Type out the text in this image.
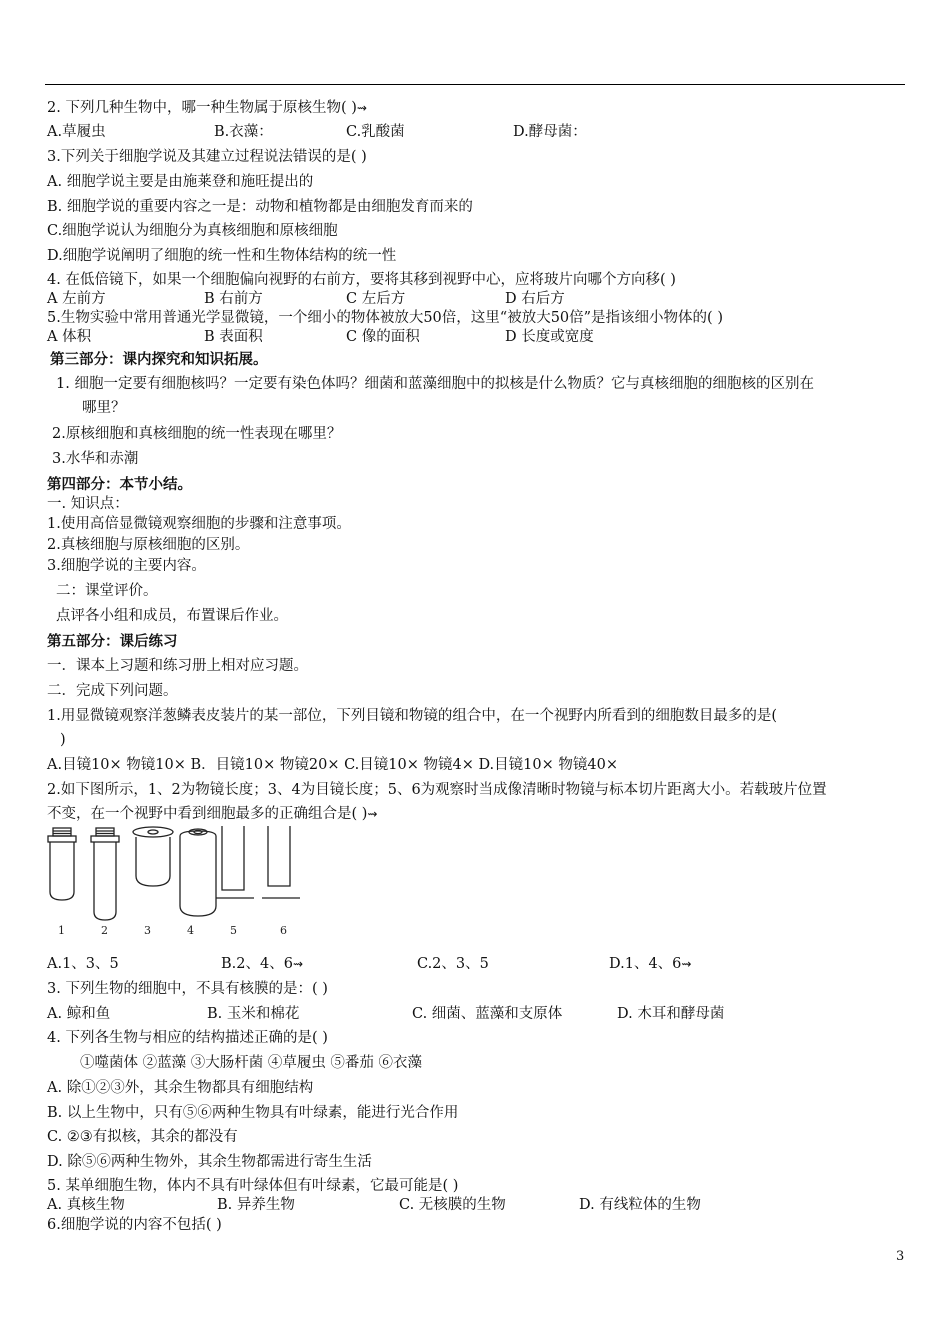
2. 下列几种生物中，哪一种生物属于原核生物( )⇝
A.草履虫	B.衣藻：	C.乳酸菌	D.酵母菌：
3.下列关于细胞学说及其建立过程说法错误的是( )
A. 细胞学说主要是由施莱登和施旺提出的
B. 细胞学说的重要内容之一是：动物和植物都是由细胞发育而来的
C.细胞学说认为细胞分为真核细胞和原核细胞
D.细胞学说阐明了细胞的统一性和生物体结构的统一性
4. 在低倍镜下，如果一个细胞偏向视野的右前方，要将其移到视野中心，应将玻片向哪个方向移( )
A 左前方	B 右前方	C 左后方	D 右后方
5.生物实验中常用普通光学显微镜，一个细小的物体被放大50倍，这里“被放大50倍”是指该细小物体的( )
A 体积	B 表面积	C 像的面积	D 长度或宽度
第三部分：课内探究和知识拓展。
1. 细胞一定要有细胞核吗？一定要有染色体吗？细菌和蓝藻细胞中的拟核是什么物质？它与真核细胞的细胞核的区别在
哪里？
2.原核细胞和真核细胞的统一性表现在哪里？
3.水华和赤潮
第四部分：本节小结。
一. 知识点：
1.使用高倍显微镜观察细胞的步骤和注意事项。
2.真核细胞与原核细胞的区别。
3.细胞学说的主要内容。
二：课堂评价。
点评各小组和成员，布置课后作业。
第五部分：课后练习
一．课本上习题和练习册上相对应习题。
二．完成下列问题。
1.用显微镜观察洋葱鳞表皮装片的某一部位，下列目镜和物镜的组合中，在一个视野内所看到的细胞数目最多的是(
)
A.目镜10× 物镜10× B．目镜10× 物镜20× C.目镜10× 物镜4× D.目镜10× 物镜40×
2.如下图所示，1、2为物镜长度；3、4为目镜长度；5、6为观察时当成像清晰时物镜与标本切片距离大小。若载玻片位置
不变，在一个视野中看到细胞最多的正确组合是( )⇝
1	2	3	4	5	6
A.1、3、5	B.2、4、6⇝	C.2、3、5	D.1、4、6⇝
3. 下列生物的细胞中，不具有核膜的是：( )
A. 鲸和鱼	B. 玉米和棉花	C. 细菌、蓝藻和支原体	D. 木耳和酵母菌
4. 下列各生物与相应的结构描述正确的是( )
①噬菌体 ②蓝藻 ③大肠杆菌 ④草履虫 ⑤番茄 ⑥衣藻
A. 除①②③外，其余生物都具有细胞结构
B. 以上生物中，只有⑤⑥两种生物具有叶绿素，能进行光合作用
C. ②③有拟核，其余的都没有
D. 除⑤⑥两种生物外，其余生物都需进行寄生生活
5. 某单细胞生物，体内不具有叶绿体但有叶绿素，它最可能是( )
A. 真核生物	B. 异养生物	C. 无核膜的生物	D. 有线粒体的生物
6.细胞学说的内容不包括( )
3
